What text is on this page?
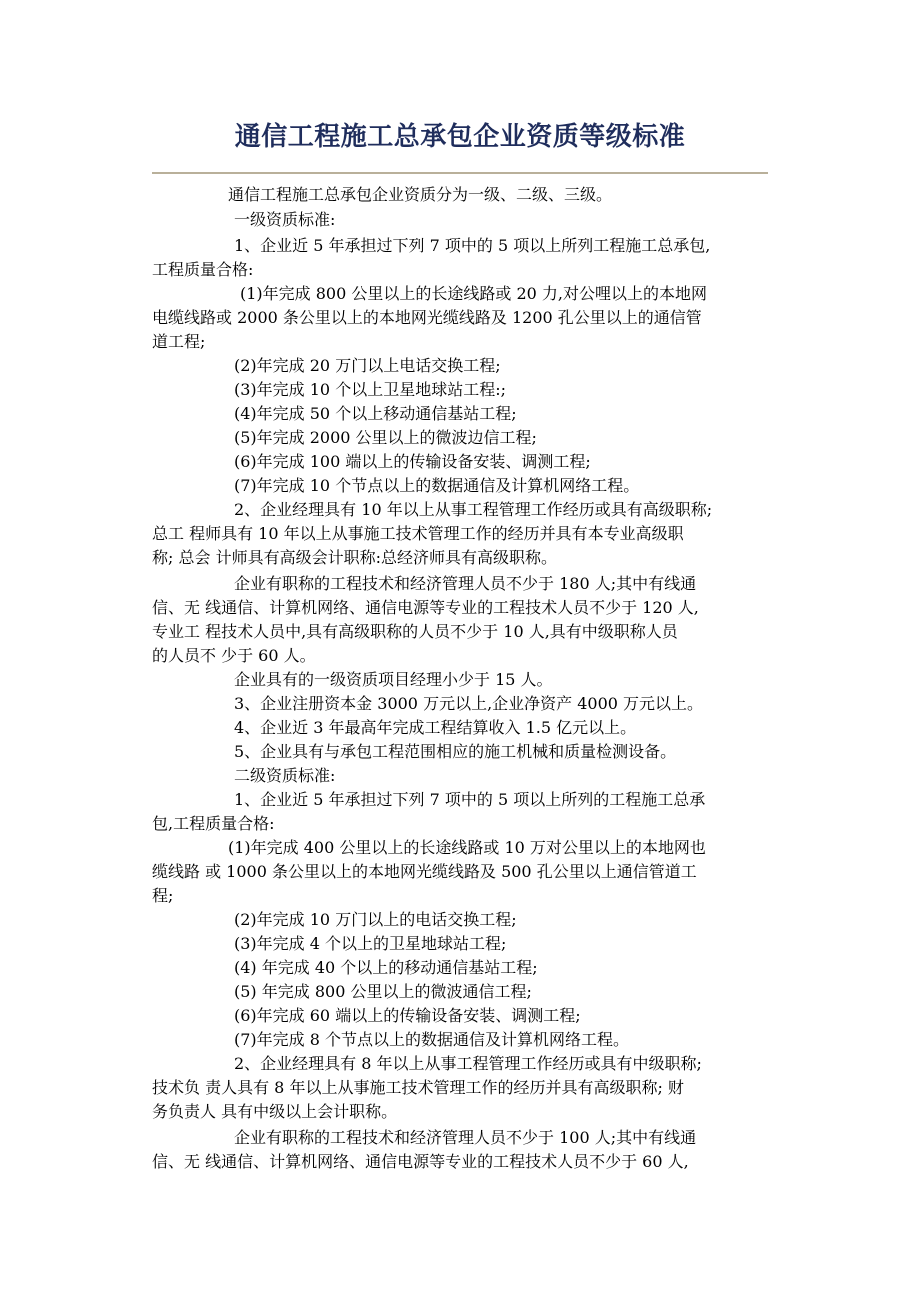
通信工程施工总承包企业资质等级标准

通信工程施工总承包企业资质分为一级、二级、三级。

一级资质标准:

1、企业近 5 年承担过下列 7 项中的 5 项以上所列工程施工总承包,

工程质量合格:

(1)年完成 800 公里以上的长途线路或 20 力,对公哩以上的本地网

电缆线路或 2000 条公里以上的本地网光缆线路及 1200 孔公里以上的通信管

道工程;

(2)年完成 20 万门以上电话交换工程;

(3)年完成 10 个以上卫星地球站工程:;

(4)年完成 50 个以上移动通信基站工程;

(5)年完成 2000 公里以上的微波边信工程;

(6)年完成 100 端以上的传输设备安装、调测工程;

(7)年完成 10 个节点以上的数据通信及计算机网络工程。

2、企业经理具有 10 年以上从事工程管理工作经历或具有高级职称;

总工 程师具有 10 年以上从事施工技术管理工作的经历并具有本专业高级职

称; 总会 计师具有高级会计职称:总经济师具有高级职称。

企业有职称的工程技术和经济管理人员不少于 180 人;其中有线通

信、无 线通信、计算机网络、通信电源等专业的工程技术人员不少于 120 人,

专业工 程技术人员中,具有高级职称的人员不少于 10 人,具有中级职称人员

的人员不 少于 60 人。

企业具有的一级资质项目经理小少于 15 人。

3、企业注册资本金 3000 万元以上,企业净资产 4000 万元以上。

4、企业近 3 年最高年完成工程结算收入 1.5 亿元以上。

5、企业具有与承包工程范围相应的施工机械和质量检测设备。

二级资质标准:

1、企业近 5 年承担过下列 7 项中的 5 项以上所列的工程施工总承

包,工程质量合格:

(1)年完成 400 公里以上的长途线路或 10 万对公里以上的本地网也

缆线路 或 1000 条公里以上的本地网光缆线路及 500 孔公里以上通信管道工

程;

(2)年完成 10 万门以上的电话交换工程;

(3)年完成 4 个以上的卫星地球站工程;

(4) 年完成 40 个以上的移动通信基站工程;

(5) 年完成 800 公里以上的微波通信工程;

(6)年完成 60 端以上的传输设备安装、调测工程;

(7)年完成 8 个节点以上的数据通信及计算机网络工程。

2、企业经理具有 8 年以上从事工程管理工作经历或具有中级职称;

技术负 责人具有 8 年以上从事施工技术管理工作的经历并具有高级职称; 财

务负责人 具有中级以上会计职称。

企业有职称的工程技术和经济管理人员不少于 100 人;其中有线通

信、无 线通信、计算机网络、通信电源等专业的工程技术人员不少于 60 人,
